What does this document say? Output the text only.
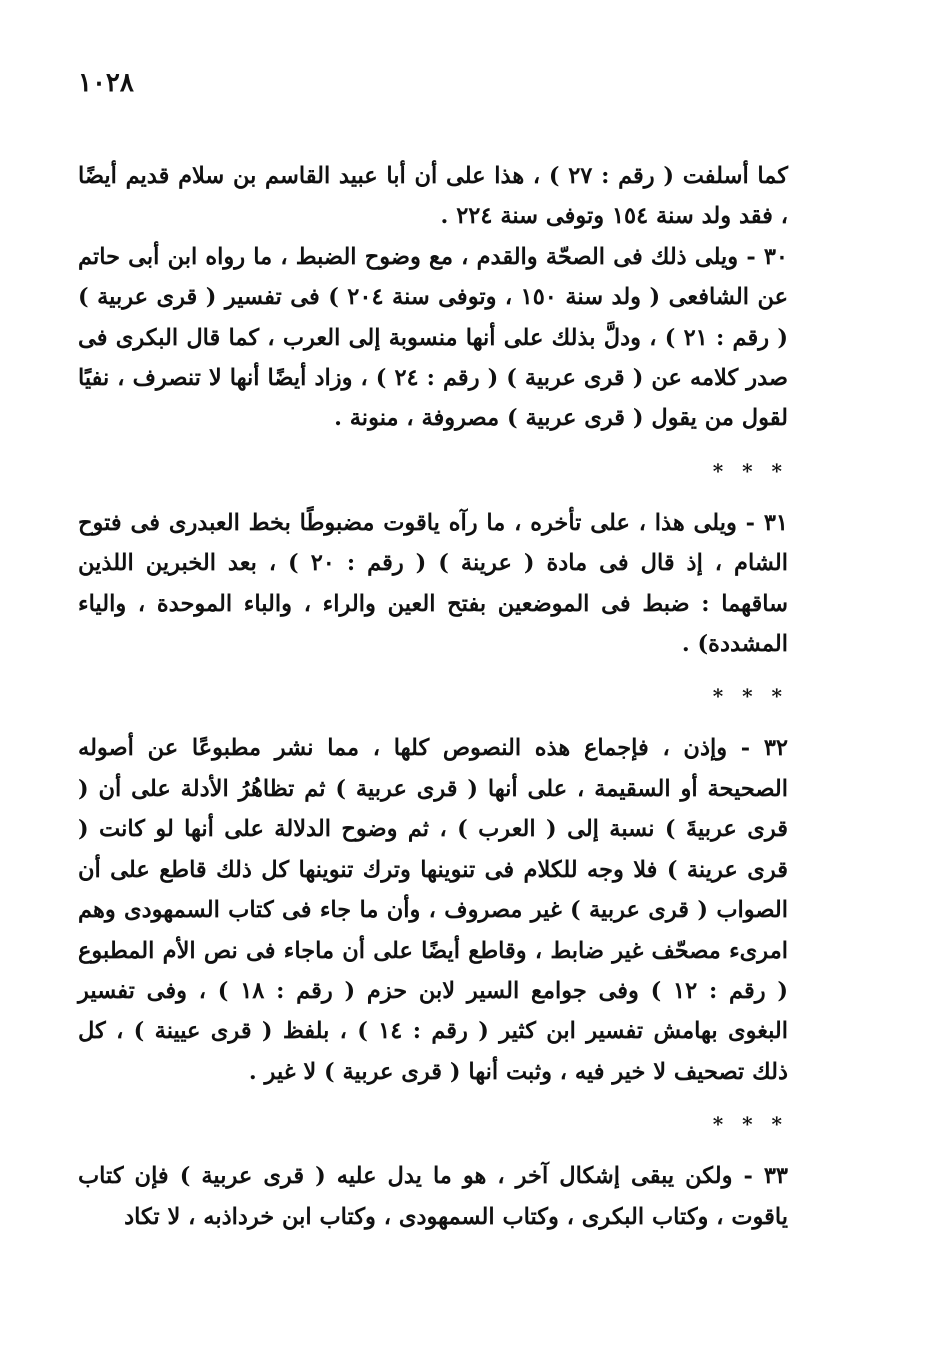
١٠٢٨

كما أسلفت ( رقم : ٢٧ ) ، هذا على أن أبا عبيد القاسم بن سلام قديم أيضًا ، فقد ولد سنة ١٥٤ وتوفى سنة ٢٢٤ .

٣٠ - ويلى ذلك فى الصحّة والقدم ، مع وضوح الضبط ، ما رواه ابن أبى حاتم عن الشافعى ( ولد سنة ١٥٠ ، وتوفى سنة ٢٠٤ ) فى تفسير ( قرى عربية ) ( رقم : ٢١ ) ، ودلَّ بذلك على أنها منسوبة إلى العرب ، كما قال البكرى فى صدر كلامه عن ( قرى عربية ) ( رقم : ٢٤ ) ، وزاد أيضًا أنها لا تنصرف ، نفيًا لقول من يقول ( قرى عربية ) مصروفة ، منونة .

* * *

٣١ - ويلى هذا ، على تأخره ، ما رآه ياقوت مضبوطًا بخط العبدرى فى فتوح الشام ، إذ قال فى مادة ( عرينة ) ( رقم : ٢٠ ) ، بعد الخبرين اللذين ساقهما : ضبط فى الموضعين بفتح العين والراء ، والباء الموحدة ، والياء المشددة) .

* * *

٣٢ - وإذن ، فإجماع هذه النصوص كلها ، مما نشر مطبوعًا عن أصوله الصحيحة أو السقيمة ، على أنها ( قرى عربية ) ثم تظاهُرُ الأدلة على أن ( قرى عربيةَ ) نسبة إلى ( العرب ) ، ثم وضوح الدلالة على أنها لو كانت ( قرى عرينة ) فلا وجه للكلام فى تنوينها وترك تنوينها كل ذلك قاطع على أن الصواب ( قرى عربية ) غير مصروف ، وأن ما جاء فى كتاب السمهودى وهم امرىء مصحّف غير ضابط ، وقاطع أيضًا على أن ماجاء فى نص الأم المطبوع ( رقم : ١٢ ) وفى جوامع السير لابن حزم ( رقم : ١٨ ) ، وفى تفسير البغوى بهامش تفسير ابن كثير ( رقم : ١٤ ) ، بلفظ ( قرى عيينة ) ، كل ذلك تصحيف لا خير فيه ، وثبت أنها ( قرى عربية ) لا غير .

* * *

٣٣ - ولكن يبقى إشكال آخر ، هو ما يدل عليه ( قرى عربية ) فإن كتاب ياقوت ، وكتاب البكرى ، وكتاب السمهودى ، وكتاب ابن خرداذبه ، لا تكاد
